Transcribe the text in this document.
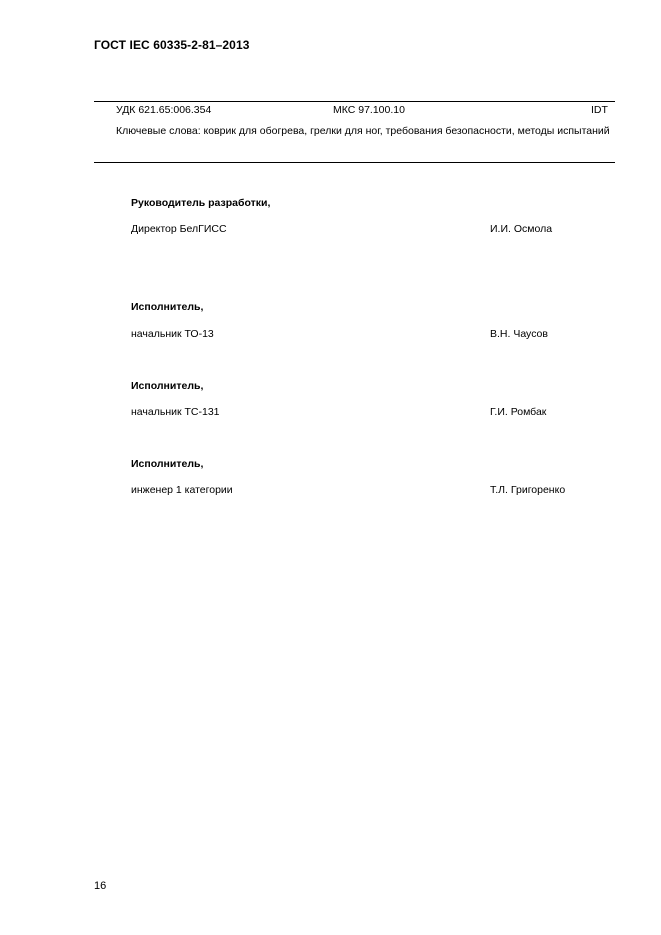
ГОСТ IEC 60335-2-81–2013
УДК 621.65:006.354	МКС 97.100.10	IDT
Ключевые слова: коврик для обогрева, грелки для ног, требования безопасности, методы испытаний
Руководитель разработки,
Директор БелГИСС	И.И. Осмола
Исполнитель,
начальник ТО-13	В.Н. Чаусов
Исполнитель,
начальник ТС-131	Г.И. Ромбак
Исполнитель,
инженер 1 категории	Т.Л. Григоренко
16
